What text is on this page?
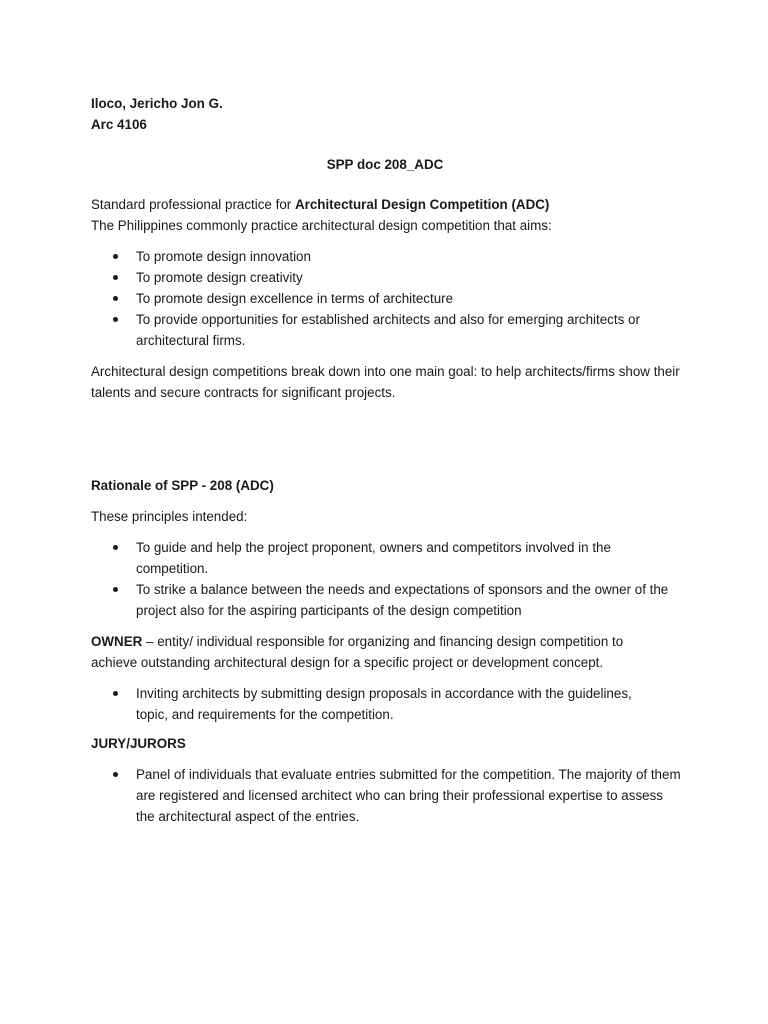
Iloco, Jericho Jon G.

Arc 4106

SPP doc 208_ADC

Standard professional practice for Architectural Design Competition (ADC)

The Philippines commonly practice architectural design competition that aims:

To promote design innovation
To promote design creativity
To promote design excellence in terms of architecture
To provide opportunities for established architects and also for emerging architects or architectural firms.

Architectural design competitions break down into one main goal: to help architects/firms show their talents and secure contracts for significant projects.

Rationale of SPP - 208 (ADC)

These principles intended:

To guide and help the project proponent, owners and competitors involved in the competition.
To strike a balance between the needs and expectations of sponsors and the owner of the project also for the aspiring participants of the design competition

OWNER – entity/ individual responsible for organizing and financing design competition to achieve outstanding architectural design for a specific project or development concept.

Inviting architects by submitting design proposals in accordance with the guidelines, topic, and requirements for the competition.

JURY/JURORS

Panel of individuals that evaluate entries submitted for the competition. The majority of them are registered and licensed architect who can bring their professional expertise to assess the architectural aspect of the entries.
